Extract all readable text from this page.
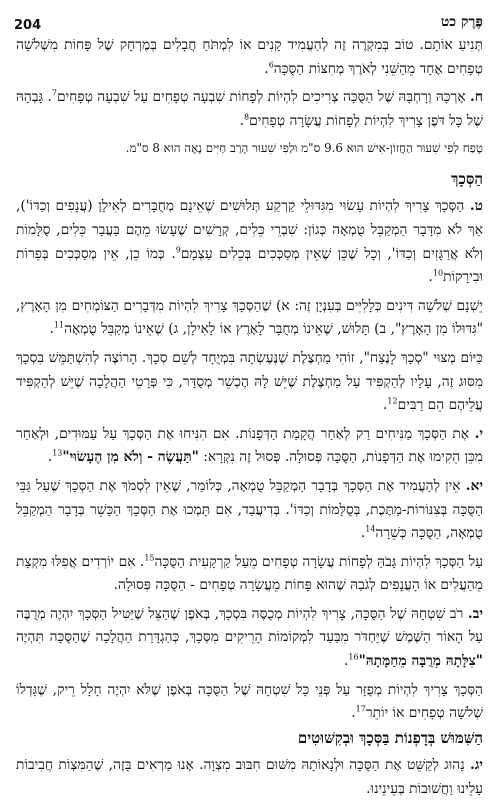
204	פֶּרֶק כט

תְּנִיעַ אוֹתָם. טוֹב בְּמִקְרֶה זֶה לְהַעֲמִיד קָנִים אוֹ לִמְתֹּחַ חֲבָלִים בְּמֶרְחָק שֶׁל פָּחוֹת מִשְּׁלֹשָׁה טְפָחִים אֶחָד מֵהַשֵּׁנִי לְאֹרֶךְ מְחִצּוֹת הַסֻּכָּה$^6$.

ח. אָרְכָּהּ וְרָחְבָּהּ שֶׁל הַסֻּכָּה צְרִיכִים לִהְיוֹת לְפָחוֹת שִׁבְעָה טְפָחִים עַל שִׁבְעָה טְפָחִים$^7$. גָּבְהָהּ שֶׁל כָּל דֹּפֶן צָרִיךְ לִהְיוֹת לְפָחוֹת עֲשָׂרָה טְפָחִים$^8$.

טֶפַח לְפִי שִׁעוּר הַחֲזוֹן-אִישׁ הוּא 9.6 ס"מ וּלְפִי שִׁעוּר הָרַב חַיִּים נָאֶה הוּא 8 ס"מ.

הַסְּכָךְ

ט. הַסְּכָךְ צָרִיךְ לִהְיוֹת עָשׂוּי מִגִּדּוּלֵי קַרְקַע תְּלוּשִׁים שֶׁאֵינָם מְחֻבָּרִים לְאִילָן (עֲנָפִים וְכַדּוֹ'), אַךְ לֹא מִדָּבָר הַמְקַבֵּל טֻמְאָה כְּגוֹן: שִׁבְרֵי כֵּלִים, קְרָשִׁים שֶׁעָשׂוּ מֵהֶם בַּעֲבָר כֵּלִים, סֻלָּמוֹת וְלֹא אֲרַגָּזִים וְכַדּוֹ', וְכָל שֶׁכֵּן שֶׁאֵין מְסַכְּכִים בְּכֵלִים עַצְמָם$^9$. כְּמוֹ כֵן, אֵין מְסַכְּכִים בְּפֵרוֹת וּבִירָקוֹת$^{10}$.

יֵשְׁנָם שְׁלֹשָׁה דִּינִים כְּלָלִיִּים בְּעִנְיָן זֶה: א) שֶׁהַסְּכָךְ צָרִיךְ לִהְיוֹת מִדְּבָרִים הַצּוֹמְחִים מִן הָאָרֶץ, "גִּדּוּלוֹ מִן הָאָרֶץ", ב) תָּלוּשׁ, שֶׁאֵינוֹ מְחֻבָּר לָאָרֶץ אוֹ לָאִילָן, ג) שֶׁאֵינוֹ מְקַבֵּל טֻמְאָה$^{11}$.

כַּיּוֹם מְצוּי "סְכָךְ לָנֶצַח", זוֹהִי מַחְצֶלֶת שֶׁנֶּעֶשְׂתָה בִּמְיֻחָד לְשֵׁם סְכָךְ. הָרוֹצֶה לְהִשְׁתַּמֵּשׁ בִּסְכָךְ מִסּוּג זֶה, עָלָיו לְהַקְפִּיד עַל מַחְצֶלֶת שֶׁיֵּשׁ לָהּ הֶכְשֵׁר מְסֻדָּר, כִּי פְּרָטֵי הַהֲלָכָה שֶׁיֵּשׁ לְהַקְפִּיד עֲלֵיהֶם הֵם רַבִּים$^{12}$.

י. אֶת הַסְּכָךְ מַנִּיחִים רַק לְאַחַר הֲקָמַת הַדְּפָנוֹת. אִם הִנִּיחוּ אֶת הַסְּכָךְ עַל עַמּוּדִים, וּלְאַחַר מִכֵּן הֵקִימוּ אֶת הַדְּפָנוֹת, הַסֻּכָּה פְּסוּלָה. פְּסוּל זֶה נִקְרָא: "תַּעֲשֶׂה - וְלֹא מִן הֶעָשׂוּי"$^{13}$.

יא. אֵין לְהַעֲמִיד אֶת הַסְּכָךְ בְּדָבָר הַמְקַבֵּל טֻמְאָה, כְּלוֹמַר, שֶׁאֵין לִסְמֹךְ אֶת הַסְּכָךְ שֶׁעַל גַּבֵּי הַסֻּכָּה בְּצִנּוֹרוֹת-מַתֶּכֶת, בְּסֻלָּמוֹת וְכַדּוֹ'. בְּדִיעֲבַד, אִם תָּמְכוּ אֶת הַסְּכָךְ הַכָּשֵׁר בְּדָבָר הַמְקַבֵּל טֻמְאָה, הַסֻּכָּה כְּשֵׁרָה$^{14}$.

עַל הַסְּכָךְ לִהְיוֹת גָּבֹהַּ לְפָחוֹת עֲשָׂרָה טְפָחִים מֵעַל קַרְקָעִית הַסֻּכָּה$^{15}$. אִם יוֹרְדִים אֲפִלּוּ מִקְצָת מֵהַעֲלִים אוֹ הָעֲנָפִים לְגֹבַהּ שֶׁהוּא פָּחוֹת מֵעֲשָׂרָה טְפָחִים - הַסֻּכָּה פְּסוּלָה.

יב. רֹב שִׁטְחָהּ שֶׁל הַסֻּכָּה, צָרִיךְ לִהְיוֹת מְכֻסֶּה בִּסְכָךְ, בְּאֹפֶן שֶׁהַצֵּל שֶׁיַּטִּיל הַסְּכָךְ יִהְיֶה מְרֻבֶּה עַל הָאוֹר הַשֶּׁמֶשׁ שֶׁיַּחְדֹּר מִבַּעַד לִמְקוֹמוֹת הָרֵיקִים מִסְּכָךְ, כְּהַגְדָּרַת הַהֲלָכָה שֶׁהַסֻּכָּה תִּהְיֶה "צִלָּתָהּ מְרֻבָּה מֵחַמָּתָהּ"$^{16}$.

הַסְּכָךְ צָרִיךְ לִהְיוֹת מְפֻזָּר עַל פְּנֵי כָּל שִׁטְחָהּ שֶׁל הַסֻּכָּה בְּאֹפֶן שֶׁלֹּא יִהְיֶה חָלָל רֵיק, שֶׁגָּדְלוֹ שְׁלֹשָׁה טְפָחִים אוֹ יוֹתֵר$^{17}$.

הַשִּׁמּוּשׁ בְּדָפְנוֹת בַּסְּכָךְ וּבְקִשּׁוּטִים

יג. נָהוּג לְקַשֵּׁט אֶת הַסֻּכָּה וּלְנָאוֹתָהּ מִשּׁוּם חִבּוּב מִצְוָה. אָנוּ מַרְאִים בָּזֶה, שֶׁהַמִּצְוֹת חֲבִיבוֹת עָלֵינוּ וַחֲשׁוּבוֹת בְּעֵינֵינוּ.
